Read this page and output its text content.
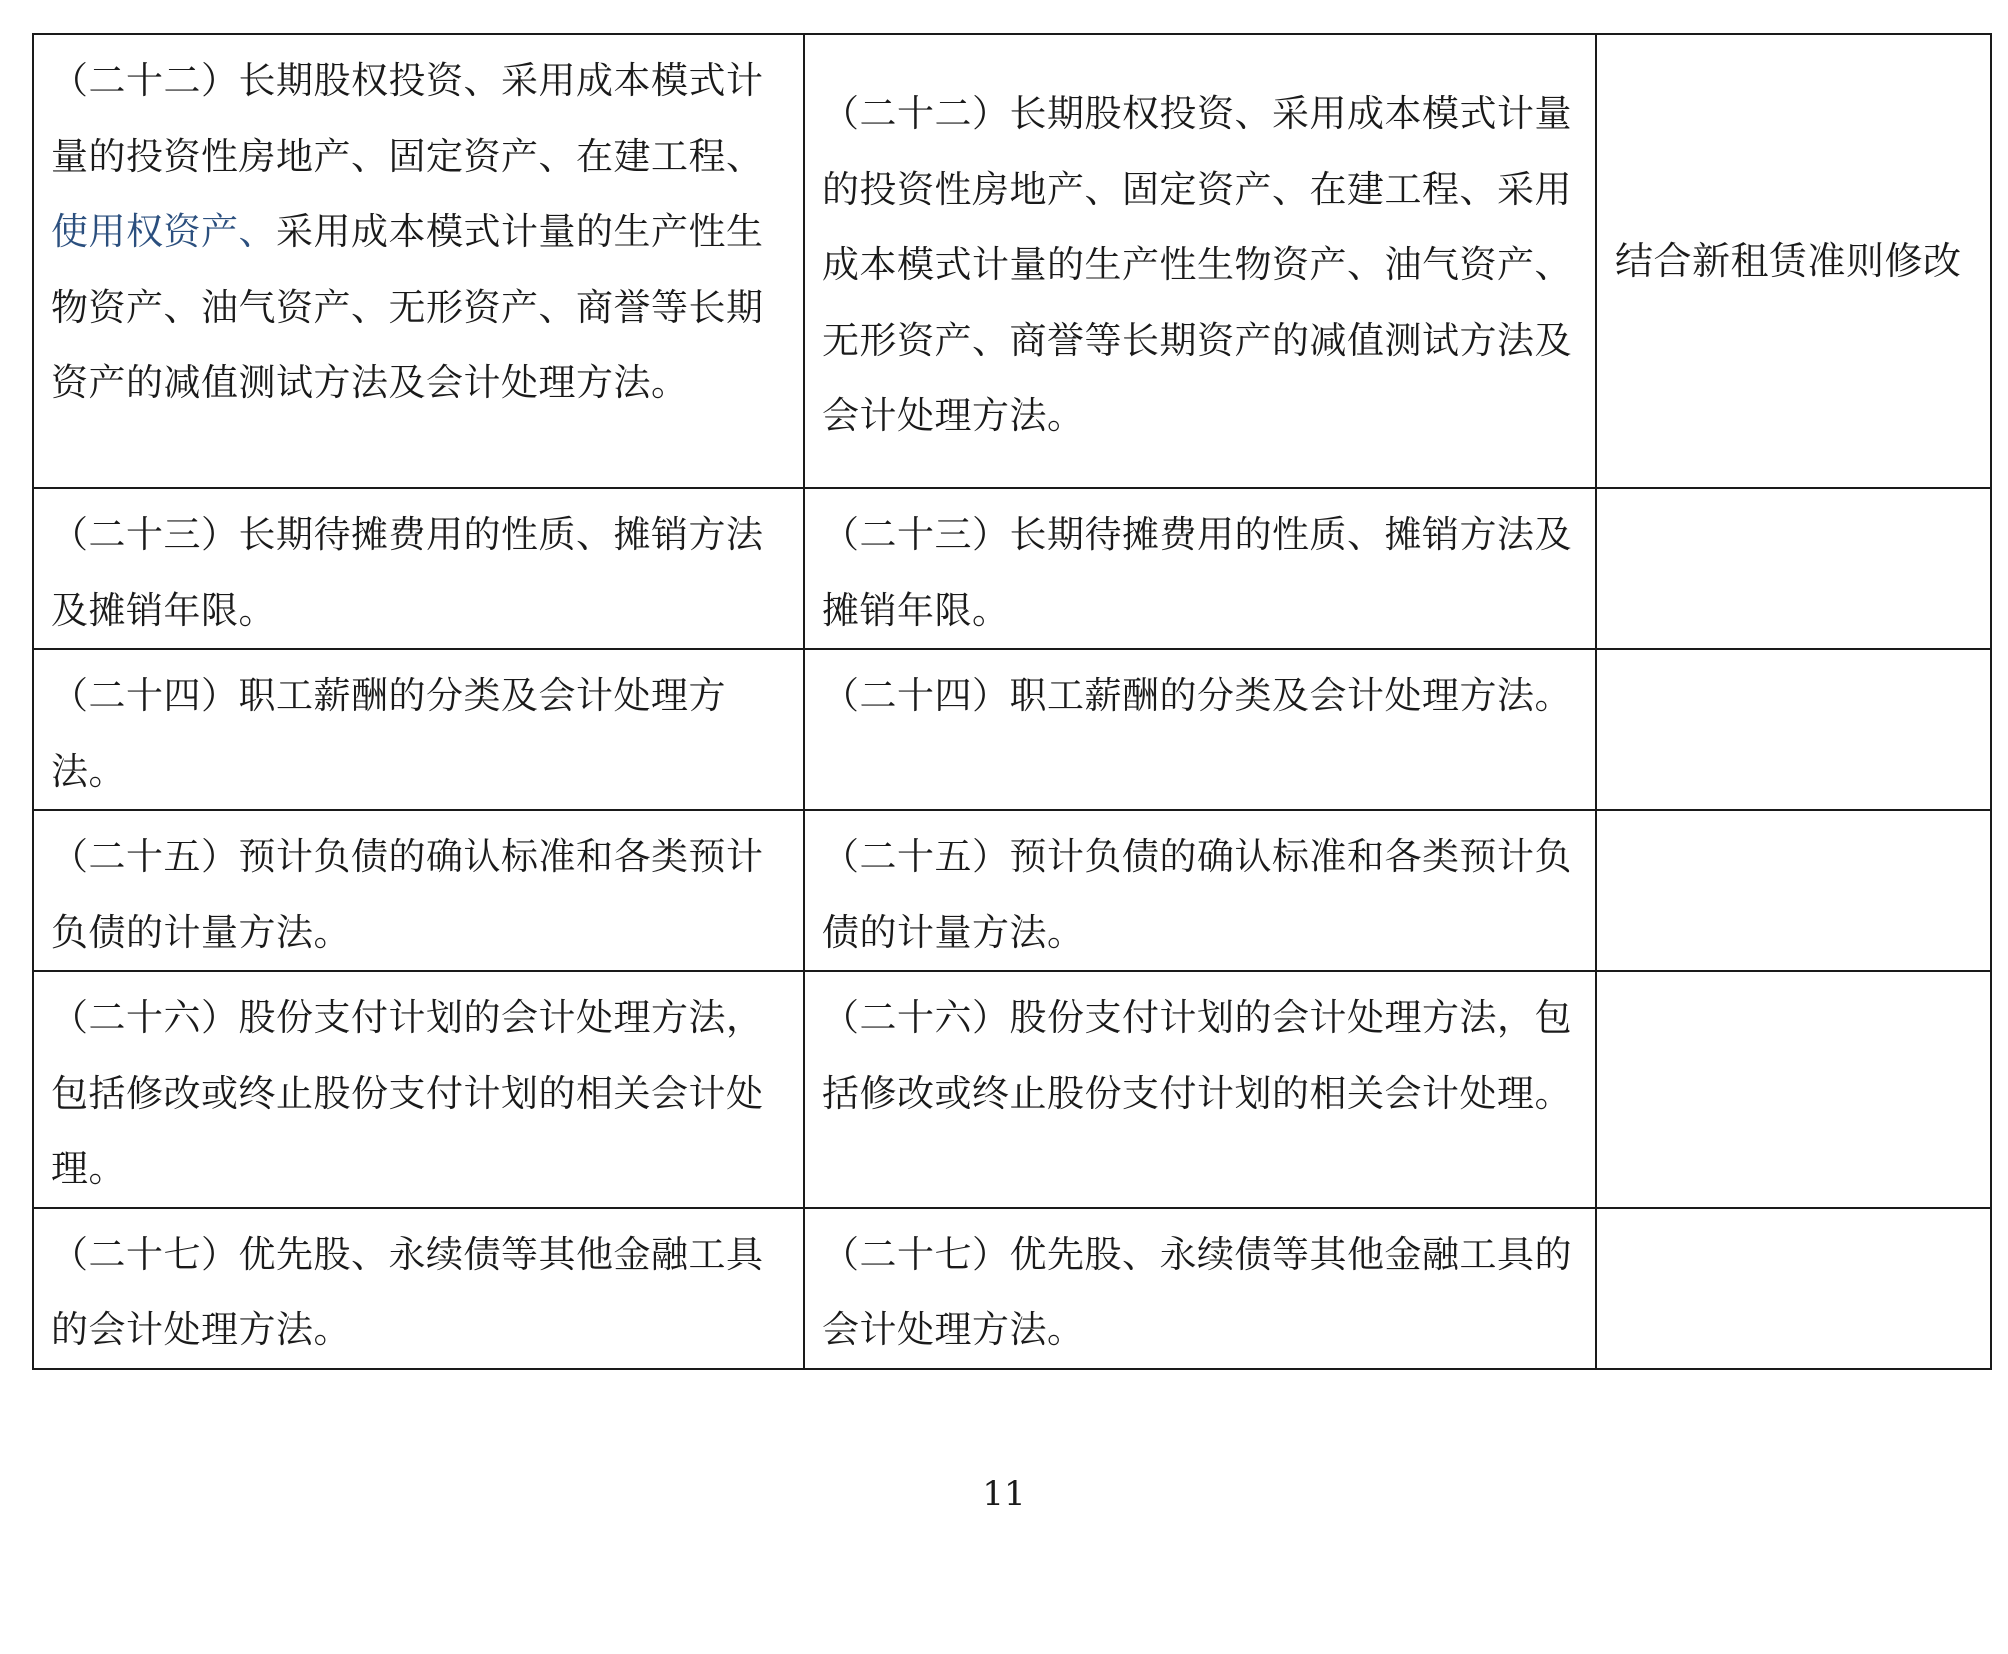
（二十二）长期股权投资、采用成本模式计量的投资性房地产、固定资产、在建工程、使用权资产、采用成本模式计量的生产性生物资产、油气资产、无形资产、商誉等长期资产的减值测试方法及会计处理方法。	（二十二）长期股权投资、采用成本模式计量的投资性房地产、固定资产、在建工程、采用成本模式计量的生产性生物资产、油气资产、无形资产、商誉等长期资产的减值测试方法及会计处理方法。	结合新租赁准则修改
（二十三）长期待摊费用的性质、摊销方法及摊销年限。	（二十三）长期待摊费用的性质、摊销方法及摊销年限。	
（二十四）职工薪酬的分类及会计处理方法。	（二十四）职工薪酬的分类及会计处理方法。	
（二十五）预计负债的确认标准和各类预计负债的计量方法。	（二十五）预计负债的确认标准和各类预计负债的计量方法。	
（二十六）股份支付计划的会计处理方法，包括修改或终止股份支付计划的相关会计处理。	（二十六）股份支付计划的会计处理方法，包括修改或终止股份支付计划的相关会计处理。	
（二十七）优先股、永续债等其他金融工具的会计处理方法。	（二十七）优先股、永续债等其他金融工具的会计处理方法。	
11
